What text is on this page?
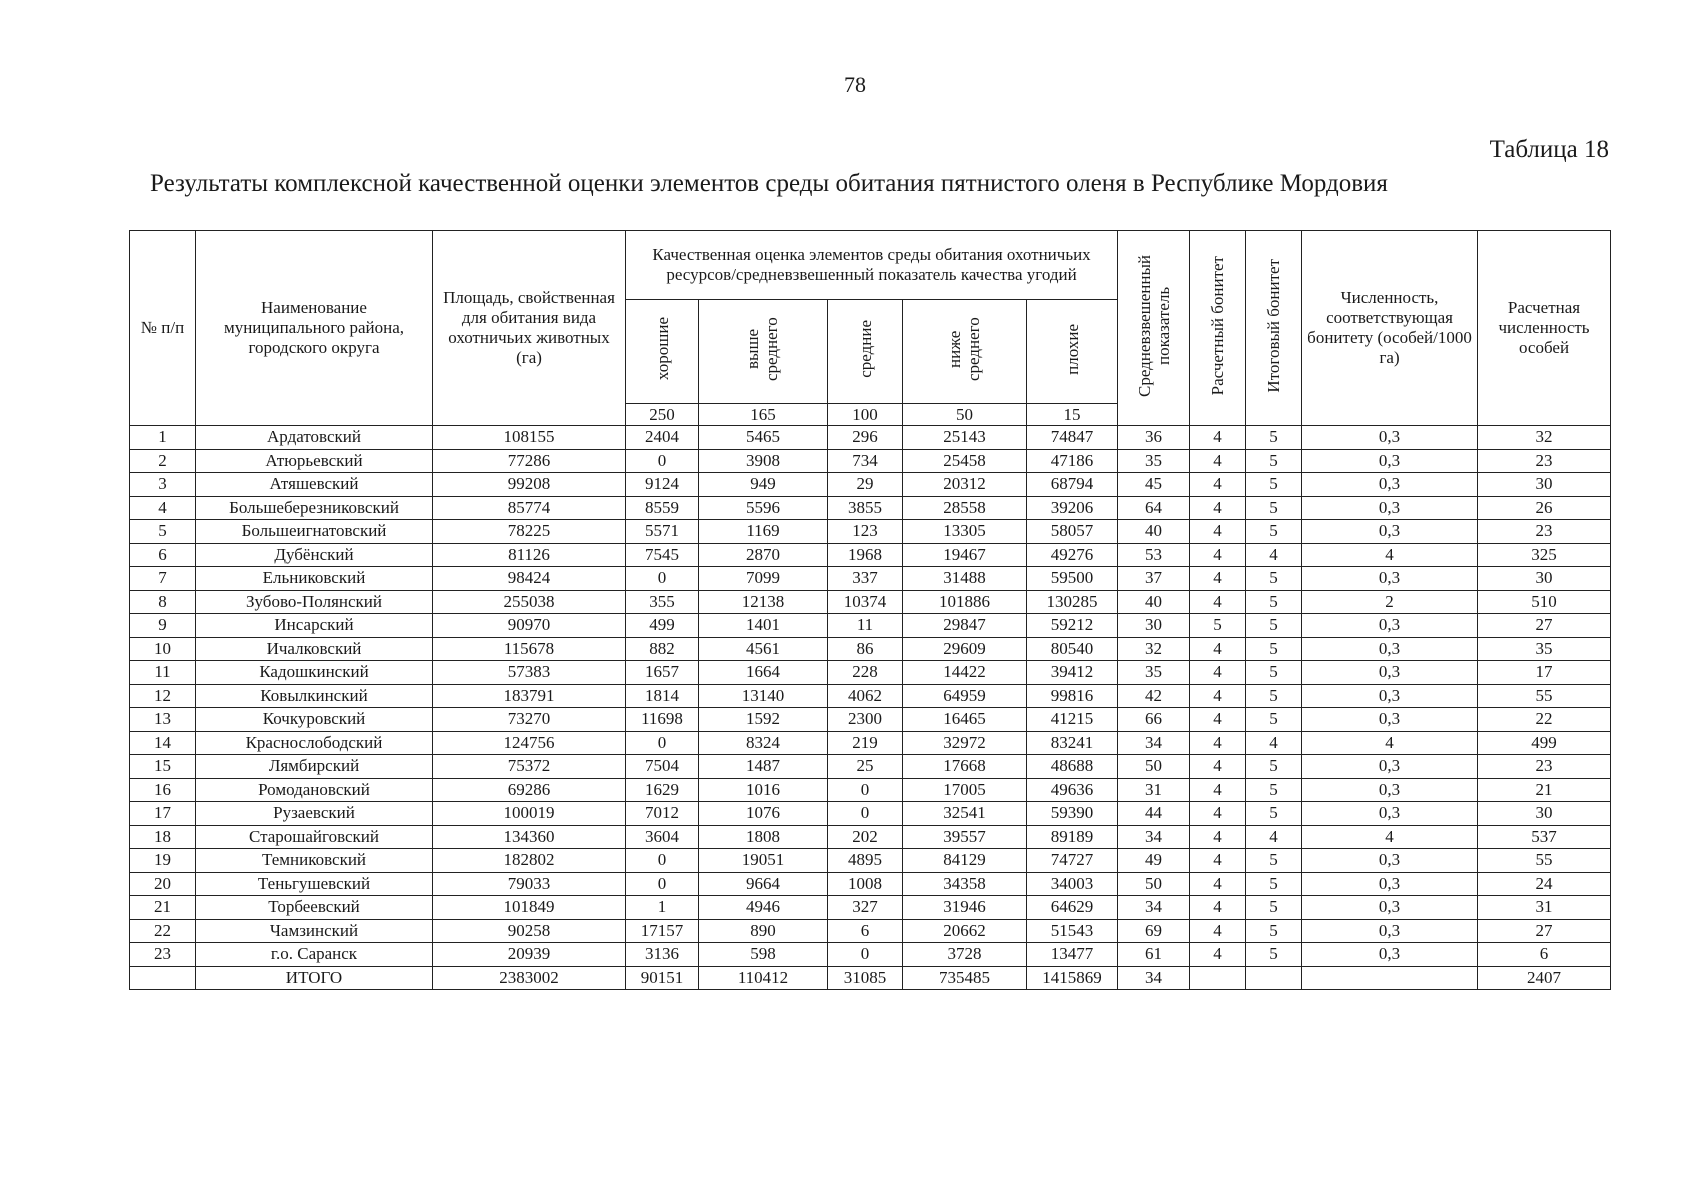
78
Таблица 18
Результаты комплексной качественной оценки элементов среды обитания пятнистого оленя в Республике Мордовия
№ п/п	Наименование муниципального района, городского округа	Площадь, свойственная для обитания вида охотничьих животных (га)	Качественная оценка элементов среды обитания охотничьих ресурсов/средневзвешенный показатель качества угодий					Средневзвешенный показатель	Расчетный бонитет	Итоговый бонитет	Численность, соответствующая бонитету (особей/1000 га)	Расчетная численность особей
			хорошие	выше среднего	средние	ниже среднего	плохие					
			250	165	100	50	15					
1	Ардатовский	108155	2404	5465	296	25143	74847	36	4	5	0,3	32
2	Атюрьевский	77286	0	3908	734	25458	47186	35	4	5	0,3	23
3	Атяшевский	99208	9124	949	29	20312	68794	45	4	5	0,3	30
4	Большеберезниковский	85774	8559	5596	3855	28558	39206	64	4	5	0,3	26
5	Большеигнатовский	78225	5571	1169	123	13305	58057	40	4	5	0,3	23
6	Дубёнский	81126	7545	2870	1968	19467	49276	53	4	4	4	325
7	Ельниковский	98424	0	7099	337	31488	59500	37	4	5	0,3	30
8	Зубово-Полянский	255038	355	12138	10374	101886	130285	40	4	5	2	510
9	Инсарский	90970	499	1401	11	29847	59212	30	5	5	0,3	27
10	Ичалковский	115678	882	4561	86	29609	80540	32	4	5	0,3	35
11	Кадошкинский	57383	1657	1664	228	14422	39412	35	4	5	0,3	17
12	Ковылкинский	183791	1814	13140	4062	64959	99816	42	4	5	0,3	55
13	Кочкуровский	73270	11698	1592	2300	16465	41215	66	4	5	0,3	22
14	Краснослободский	124756	0	8324	219	32972	83241	34	4	4	4	499
15	Лямбирский	75372	7504	1487	25	17668	48688	50	4	5	0,3	23
16	Ромодановский	69286	1629	1016	0	17005	49636	31	4	5	0,3	21
17	Рузаевский	100019	7012	1076	0	32541	59390	44	4	5	0,3	30
18	Старошайговский	134360	3604	1808	202	39557	89189	34	4	4	4	537
19	Темниковский	182802	0	19051	4895	84129	74727	49	4	5	0,3	55
20	Теньгушевский	79033	0	9664	1008	34358	34003	50	4	5	0,3	24
21	Торбеевский	101849	1	4946	327	31946	64629	34	4	5	0,3	31
22	Чамзинский	90258	17157	890	6	20662	51543	69	4	5	0,3	27
23	г.о. Саранск	20939	3136	598	0	3728	13477	61	4	5	0,3	6
	ИТОГО	2383002	90151	110412	31085	735485	1415869	34				2407
